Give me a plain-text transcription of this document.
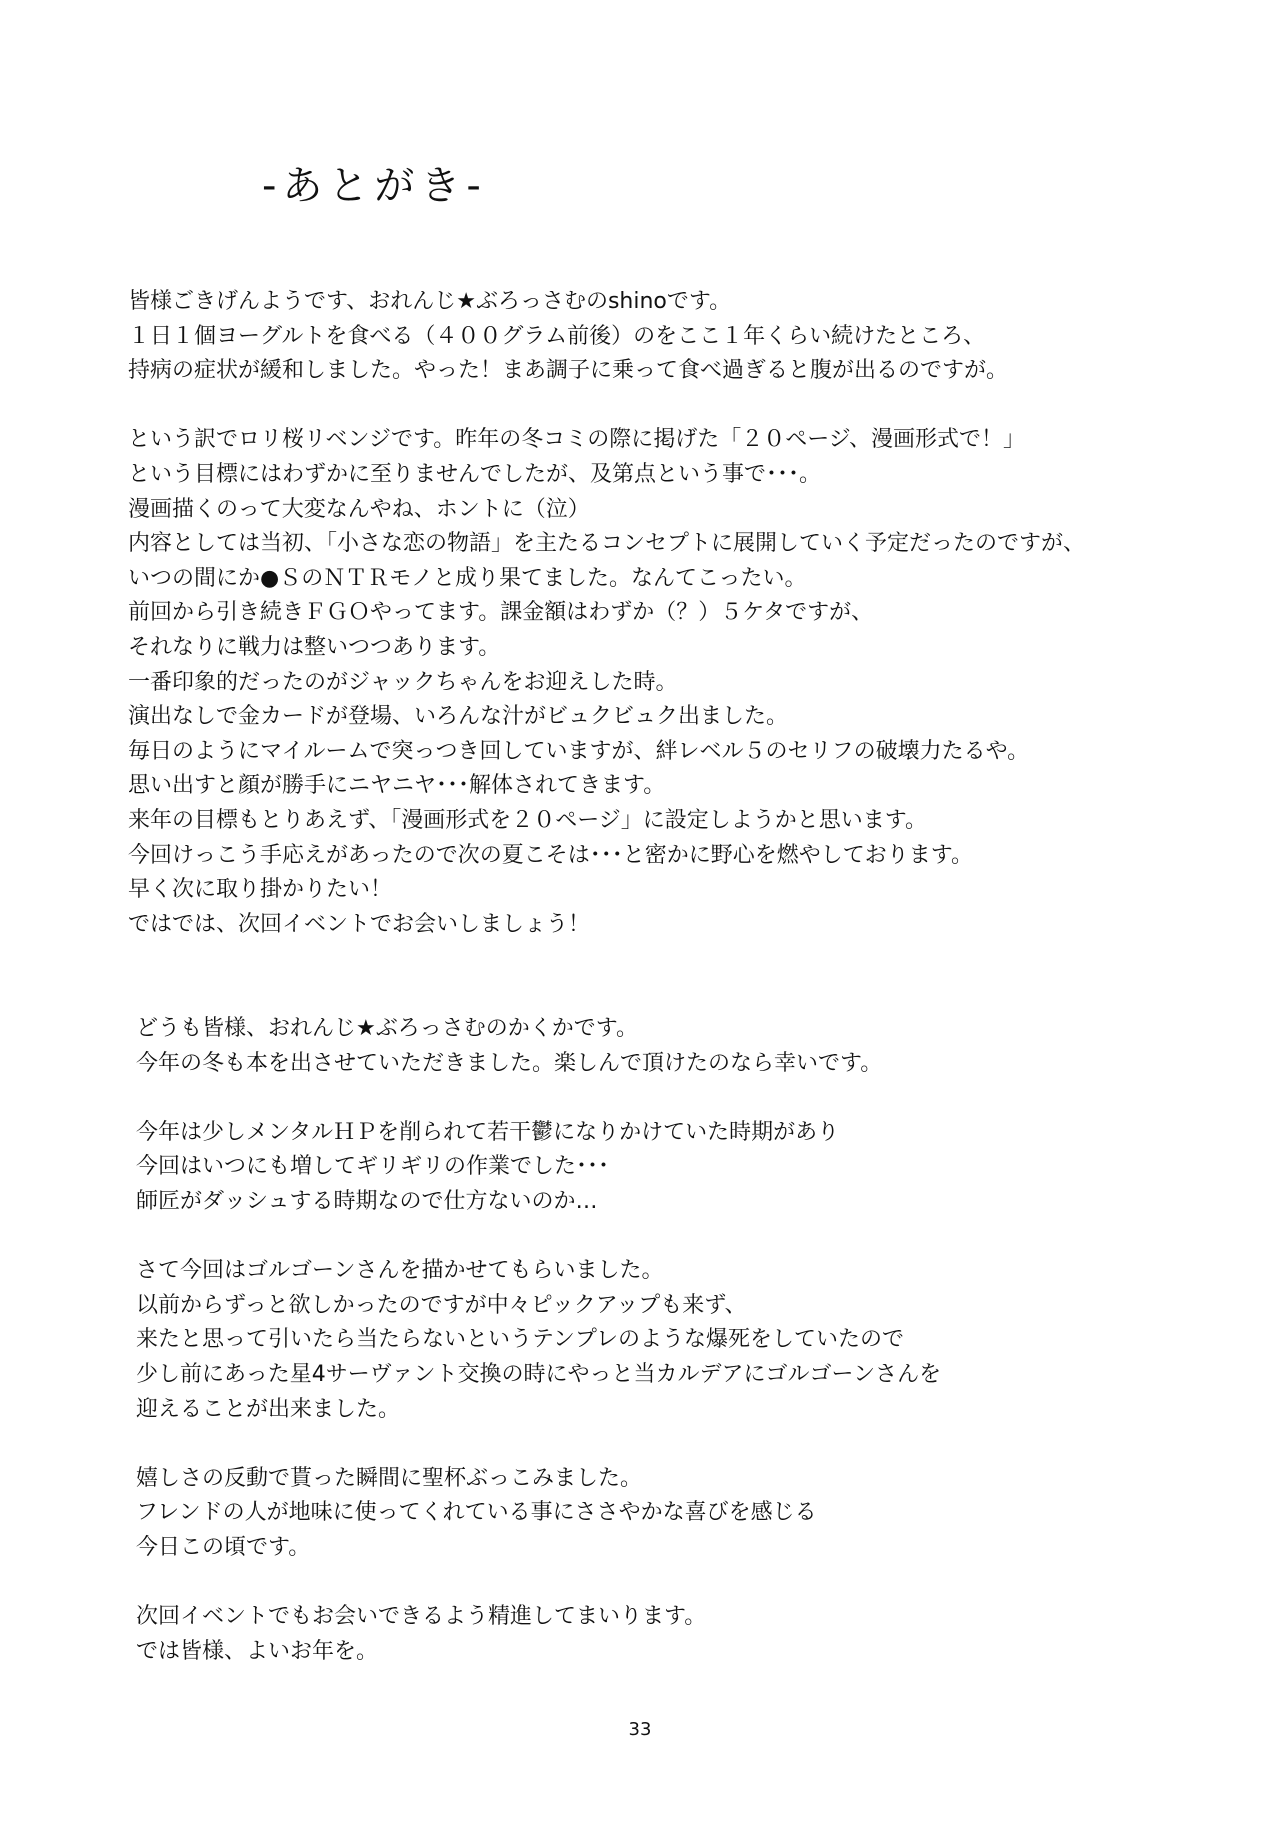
-あとがき-
皆様ごきげんようです、おれんじ★ぶろっさむのshinoです。
１日１個ヨーグルトを食べる（４００グラム前後）のをここ１年くらい続けたところ、
持病の症状が緩和しました。やった！まあ調子に乗って食べ過ぎると腹が出るのですが。
という訳でロリ桜リベンジです。昨年の冬コミの際に掲げた「２０ページ、漫画形式で！」
という目標にはわずかに至りませんでしたが、及第点という事で･･･。
漫画描くのって大変なんやね、ホントに（泣）
内容としては当初、「小さな恋の物語」を主たるコンセプトに展開していく予定だったのですが、
いつの間にか●ＳのＮＴＲモノと成り果てました。なんてこったい。
前回から引き続きＦＧＯやってます。課金額はわずか（？）５ケタですが、
それなりに戦力は整いつつあります。
一番印象的だったのがジャックちゃんをお迎えした時。
演出なしで金カードが登場、いろんな汁がビュクビュク出ました。
毎日のようにマイルームで突っつき回していますが、絆レベル５のセリフの破壊力たるや。
思い出すと顔が勝手にニヤニヤ･･･解体されてきます。
来年の目標もとりあえず、「漫画形式を２０ページ」に設定しようかと思います。
今回けっこう手応えがあったので次の夏こそは･･･と密かに野心を燃やしております。
早く次に取り掛かりたい！
ではでは、次回イベントでお会いしましょう！
どうも皆様、おれんじ★ぶろっさむのかくかです。
今年の冬も本を出させていただきました。楽しんで頂けたのなら幸いです。
今年は少しメンタルＨＰを削られて若干鬱になりかけていた時期があり
今回はいつにも増してギリギリの作業でした･･･
師匠がダッシュする時期なので仕方ないのか…
さて今回はゴルゴーンさんを描かせてもらいました。
以前からずっと欲しかったのですが中々ピックアップも来ず、
来たと思って引いたら当たらないというテンプレのような爆死をしていたので
少し前にあった星4サーヴァント交換の時にやっと当カルデアにゴルゴーンさんを
迎えることが出来ました。
嬉しさの反動で貰った瞬間に聖杯ぶっこみました。
フレンドの人が地味に使ってくれている事にささやかな喜びを感じる
今日この頃です。
次回イベントでもお会いできるよう精進してまいります。
では皆様、よいお年を。
33
